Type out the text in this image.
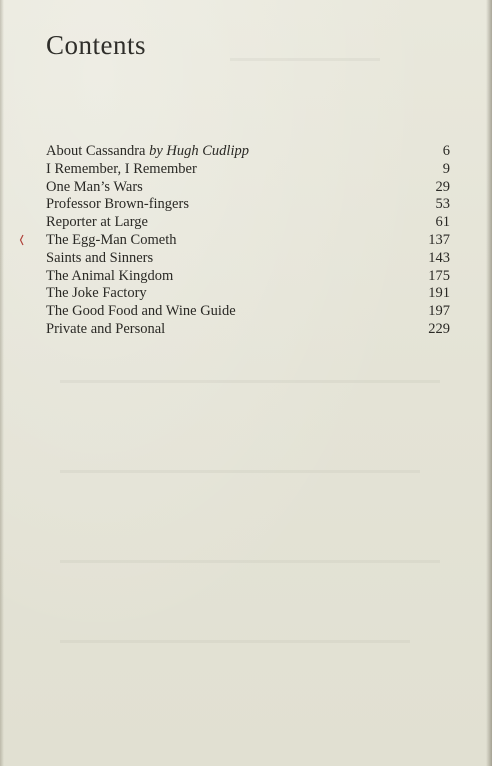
Contents
About Cassandra by Hugh Cudlipp	6
I Remember, I Remember	9
One Man’s Wars	29
Professor Brown-fingers	53
Reporter at Large	61
The Egg-Man Cometh	137
Saints and Sinners	143
The Animal Kingdom	175
The Joke Factory	191
The Good Food and Wine Guide	197
Private and Personal	229
